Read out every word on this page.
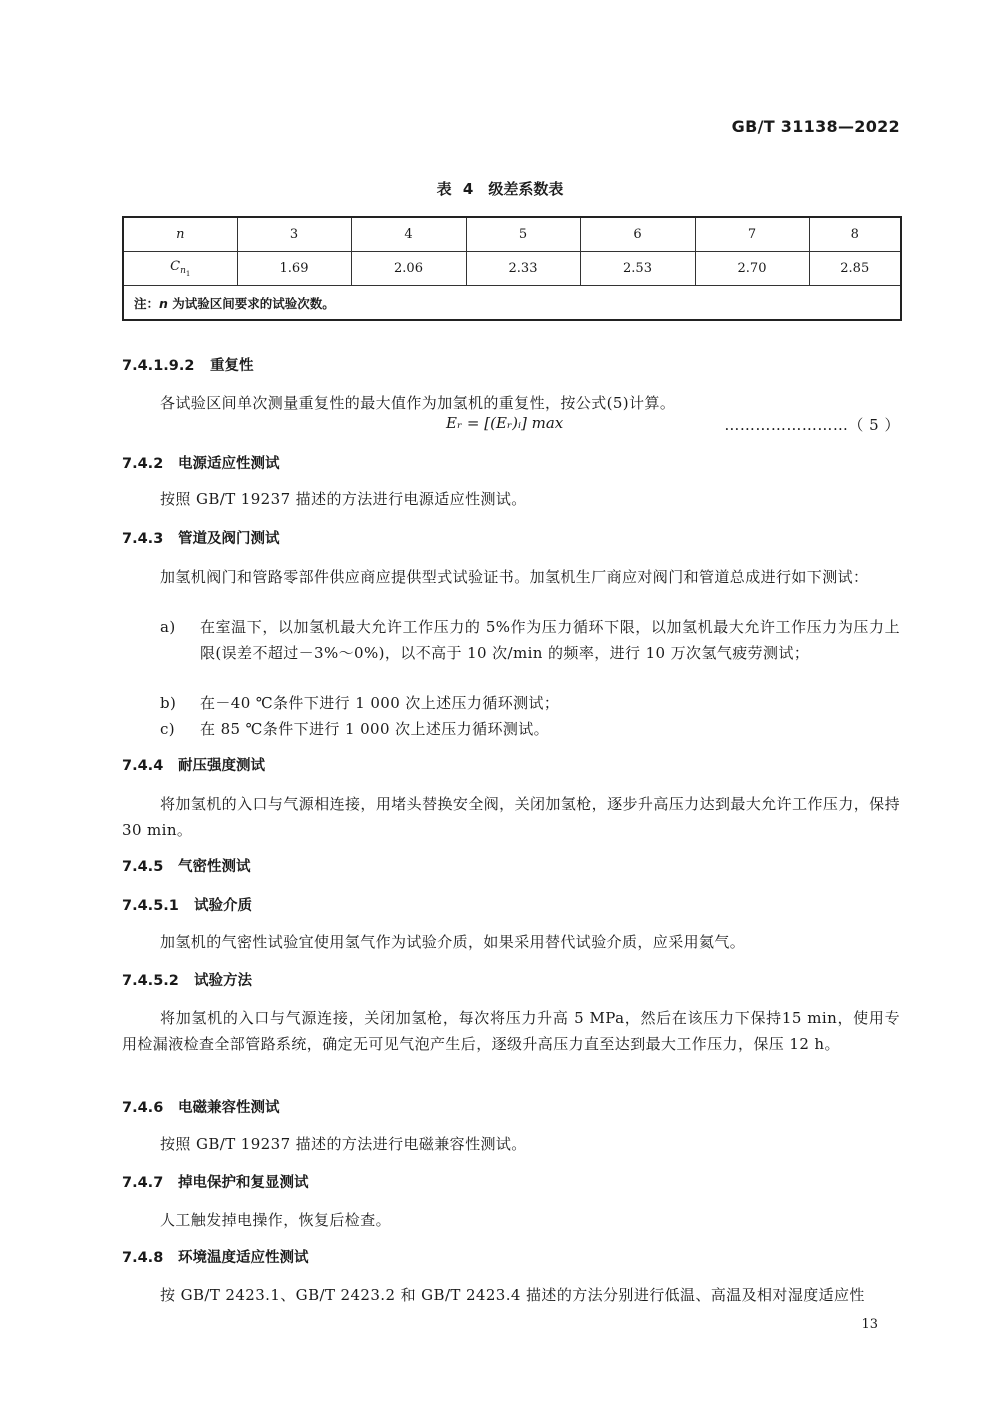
GB/T 31138—2022
表 4　级差系数表
n	3	4	5	6	7	8
$C_{n1}$	1.69	2.06	2.33	2.53	2.70	2.85
注：n 为试验区间要求的试验次数。						
7.4.1.9.2 重复性
各试验区间单次测量重复性的最大值作为加氢机的重复性，按公式(5)计算。
Eᵣ = [(Eᵣ)ᵢ] max	……………………（ 5 ）
7.4.2 电源适应性测试
按照 GB/T 19237 描述的方法进行电源适应性测试。
7.4.3 管道及阀门测试
加氢机阀门和管路零部件供应商应提供型式试验证书。加氢机生厂商应对阀门和管道总成进行如下测试：
a) 在室温下，以加氢机最大允许工作压力的 5%作为压力循环下限，以加氢机最大允许工作压力为压力上限(误差不超过－3%～0%)，以不高于 10 次/min 的频率，进行 10 万次氢气疲劳测试；
b) 在－40 ℃条件下进行 1 000 次上述压力循环测试；
c) 在 85 ℃条件下进行 1 000 次上述压力循环测试。
7.4.4 耐压强度测试
将加氢机的入口与气源相连接，用堵头替换安全阀，关闭加氢枪，逐步升高压力达到最大允许工作压力，保持 30 min。
7.4.5 气密性测试
7.4.5.1 试验介质
加氢机的气密性试验宜使用氢气作为试验介质，如果采用替代试验介质，应采用氦气。
7.4.5.2 试验方法
将加氢机的入口与气源连接，关闭加氢枪，每次将压力升高 5 MPa，然后在该压力下保持15 min，使用专用检漏液检查全部管路系统，确定无可见气泡产生后，逐级升高压力直至达到最大工作压力，保压 12 h。
7.4.6 电磁兼容性测试
按照 GB/T 19237 描述的方法进行电磁兼容性测试。
7.4.7 掉电保护和复显测试
人工触发掉电操作，恢复后检查。
7.4.8 环境温度适应性测试
按 GB/T 2423.1、GB/T 2423.2 和 GB/T 2423.4 描述的方法分别进行低温、高温及相对湿度适应性
13
